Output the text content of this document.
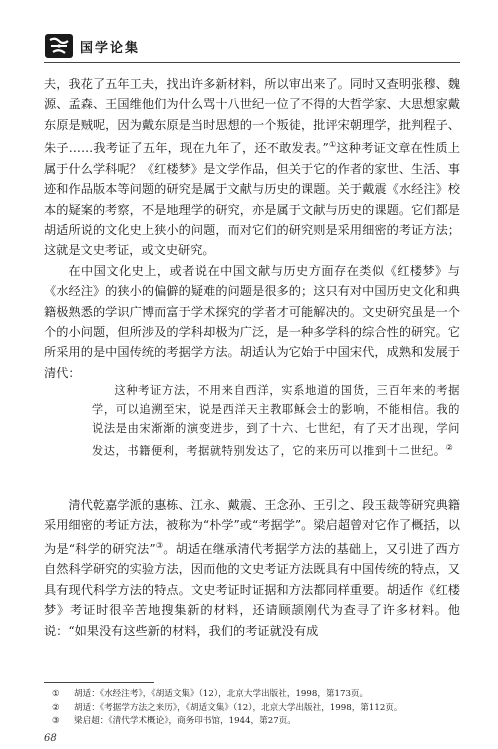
国学论集

夫，我花了五年工夫，找出许多新材料，所以审出来了。同时又查明张穆、魏源、孟森、王国维他们为什么骂十八世纪一位了不得的大哲学家、大思想家戴东原是贼呢，因为戴东原是当时思想的一个叛徒，批评宋朝理学，批判程子、朱子……我考证了五年，现在九年了，还不敢发表。”①这种考证文章在性质上属于什么学科呢？《红楼梦》是文学作品，但关于它的作者的家世、生活、事迹和作品版本等问题的研究是属于文献与历史的课题。关于戴震《水经注》校本的疑案的考察，不是地理学的研究，亦是属于文献与历史的课题。它们都是胡适所说的文化史上狭小的问题，而对它们的研究则是采用细密的考证方法；这就是文史考证，或文史研究。

在中国文化史上，或者说在中国文献与历史方面存在类似《红楼梦》与《水经注》的狭小的偏僻的疑难的问题是很多的；这只有对中国历史文化和典籍极熟悉的学识广博而富于学术探究的学者才可能解决的。文史研究虽是一个个的小问题，但所涉及的学科却极为广泛，是一种多学科的综合性的研究。它所采用的是中国传统的考据学方法。胡适认为它始于中国宋代，成熟和发展于清代：

这种考证方法，不用来自西洋，实系地道的国货，三百年来的考据学，可以追溯至宋，说是西洋天主教耶稣会士的影响，不能相信。我的说法是由宋渐渐的演变进步，到了十六、七世纪，有了天才出现，学问发达，书籍便利，考据就特别发达了，它的来历可以推到十二世纪。②

清代乾嘉学派的惠栋、江永、戴震、王念孙、王引之、段玉裁等研究典籍采用细密的考证方法，被称为“朴学”或“考据学”。梁启超曾对它作了概括，以为是“科学的研究法”③。胡适在继承清代考据学方法的基础上，又引进了西方自然科学研究的实验方法，因而他的文史考证方法既具有中国传统的特点，又具有现代科学方法的特点。文史考证时证据和方法都同样重要。胡适作《红楼梦》考证时很辛苦地搜集新的材料，还请顾颉刚代为查寻了许多材料。他说：“如果没有这些新的材料，我们的考证就没有成

①	胡适：《水经注考》，《胡适文集》（12），北京大学出版社，1998，第173页。
②	胡适：《考据学方法之来历》，《胡适文集》（12），北京大学出版社，1998，第112页。
③	梁启超：《清代学术概论》，商务印书馆，1944，第27页。
68
